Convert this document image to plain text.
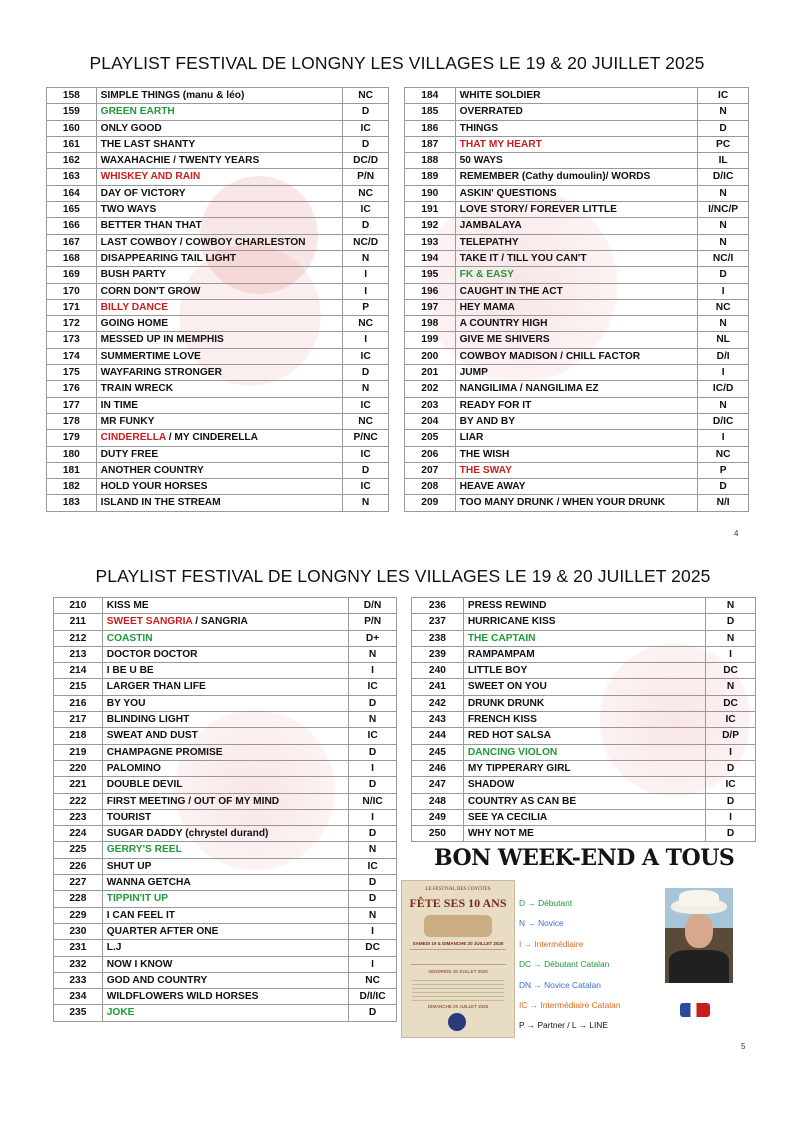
PLAYLIST FESTIVAL DE LONGNY LES VILLAGES LE 19 & 20 JUILLET 2025
158	SIMPLE THINGS (manu & léo)	NC
159	GREEN EARTH	D
160	ONLY GOOD	IC
161	THE LAST SHANTY	D
162	WAXAHACHIE / TWENTY YEARS	DC/D
163	WHISKEY AND RAIN	P/N
164	DAY OF VICTORY	NC
165	TWO WAYS	IC
166	BETTER THAN THAT	D
167	LAST COWBOY / COWBOY CHARLESTON	NC/D
168	DISAPPEARING TAIL LIGHT	N
169	BUSH PARTY	I
170	CORN DON'T GROW	I
171	BILLY DANCE	P
172	GOING HOME	NC
173	MESSED UP IN MEMPHIS	I
174	SUMMERTIME LOVE	IC
175	WAYFARING STRONGER	D
176	TRAIN WRECK	N
177	IN TIME	IC
178	MR FUNKY	NC
179	CINDERELLA / MY CINDERELLA	P/NC
180	DUTY FREE	IC
181	ANOTHER COUNTRY	D
182	HOLD YOUR HORSES	IC
183	ISLAND IN THE STREAM	N
184	WHITE SOLDIER	IC
185	OVERRATED	N
186	THINGS	D
187	THAT MY HEART	PC
188	50 WAYS	IL
189	REMEMBER (Cathy dumoulin)/ WORDS	D/IC
190	ASKIN' QUESTIONS	N
191	LOVE STORY/ FOREVER LITTLE	I/NC/P
192	JAMBALAYA	N
193	TELEPATHY	N
194	TAKE IT / TILL YOU CAN'T	NC/I
195	FK & EASY	D
196	CAUGHT IN THE ACT	I
197	HEY MAMA	NC
198	A COUNTRY HIGH	N
199	GIVE ME SHIVERS	NL
200	COWBOY MADISON / CHILL FACTOR	D/I
201	JUMP	I
202	NANGILIMA / NANGILIMA EZ	IC/D
203	READY FOR IT	N
204	BY AND BY	D/IC
205	LIAR	I
206	THE WISH	NC
207	THE SWAY	P
208	HEAVE AWAY	D
209	TOO MANY DRUNK / WHEN YOUR DRUNK	N/I
4
PLAYLIST FESTIVAL DE LONGNY LES VILLAGES LE 19 & 20 JUILLET 2025
210	KISS ME	D/N
211	SWEET SANGRIA / SANGRIA	P/N
212	COASTIN	D+
213	DOCTOR DOCTOR	N
214	I BE U BE	I
215	LARGER THAN LIFE	IC
216	BY YOU	D
217	BLINDING LIGHT	N
218	SWEAT AND DUST	IC
219	CHAMPAGNE PROMISE	D
220	PALOMINO	I
221	DOUBLE DEVIL	D
222	FIRST MEETING / OUT OF MY MIND	N/IC
223	TOURIST	I
224	SUGAR DADDY (chrystel durand)	D
225	GERRY'S REEL	N
226	SHUT UP	IC
227	WANNA GETCHA	D
228	TIPPIN'IT UP	D
229	I CAN FEEL IT	N
230	QUARTER AFTER ONE	I
231	L.J	DC
232	NOW I KNOW	I
233	GOD AND COUNTRY	NC
234	WILDFLOWERS WILD HORSES	D/I/IC
235	JOKE	D
236	PRESS REWIND	N
237	HURRICANE KISS	D
238	THE CAPTAIN	N
239	RAMPAMPAM	I
240	LITTLE BOY	DC
241	SWEET ON YOU	N
242	DRUNK DRUNK	DC
243	FRENCH KISS	IC
244	RED HOT SALSA	D/P
245	DANCING VIOLON	I
246	MY TIPPERARY GIRL	D
247	SHADOW	IC
248	COUNTRY AS CAN BE	D
249	SEE YA CECILIA	I
250	WHY NOT ME	D
BON WEEK-END A TOUS
LE FESTIVAL DES COYOTES
FÊTE SES 10 ANS
SAMEDI 19 & DIMANCHE 20 JUILLET 2025
VENDREDI 18 JUILLET 2025
DIMANCHE 20 JUILLET 2025
D → Débutant
N → Novice
I → Intermédiaire
DC → Débutant Catalan
DN → Novice Catalan
IC → Intermédiaire Catalan
P → Partner / L → LINE
5
